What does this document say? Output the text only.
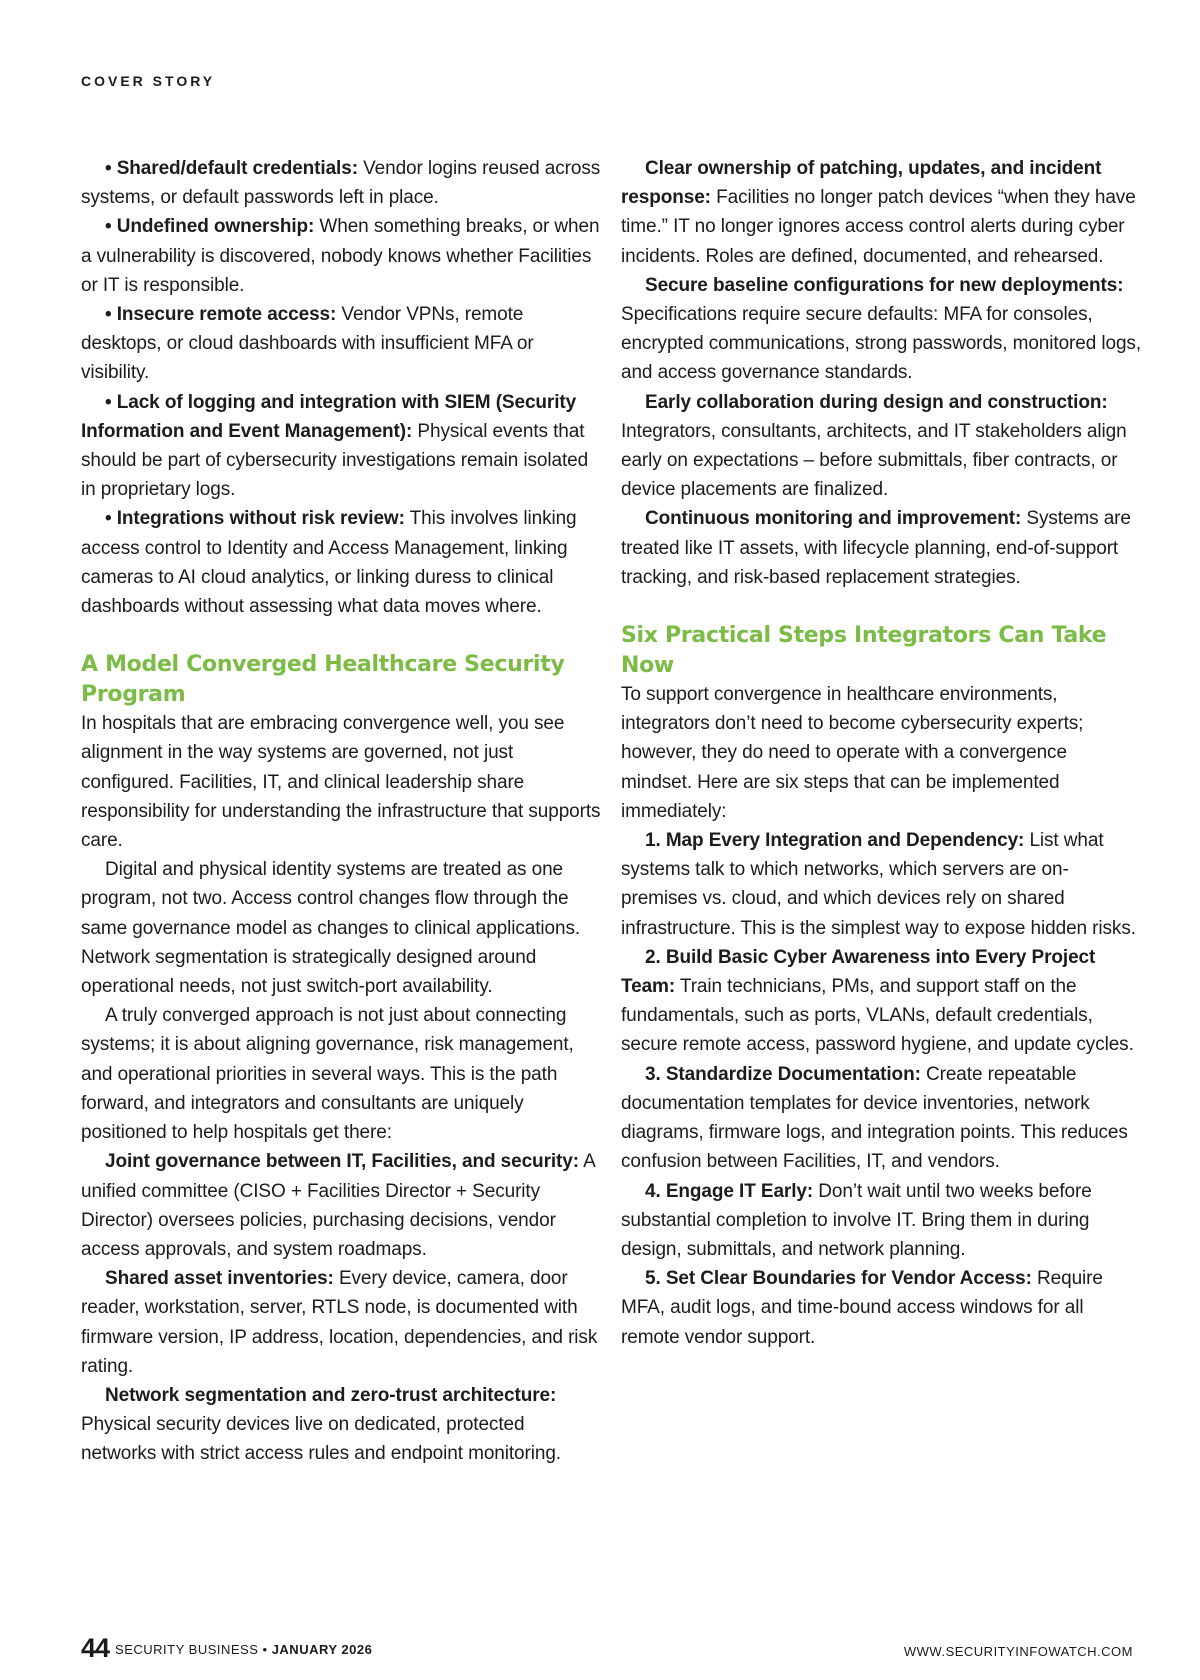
COVER STORY

• Shared/default credentials: Vendor logins reused across systems, or default passwords left in place.

• Undefined ownership: When something breaks, or when a vulnerability is discovered, nobody knows whether Facilities or IT is responsible.

• Insecure remote access: Vendor VPNs, remote desktops, or cloud dashboards with insufficient MFA or visibility.

• Lack of logging and integration with SIEM (Security Information and Event Management): Physical events that should be part of cybersecurity investigations remain isolated in proprietary logs.

• Integrations without risk review: This involves linking access control to Identity and Access Management, linking cameras to AI cloud analytics, or linking duress to clinical dashboards without assessing what data moves where.

A Model Converged Healthcare Security Program

In hospitals that are embracing convergence well, you see alignment in the way systems are governed, not just configured. Facilities, IT, and clinical leadership share responsibility for understanding the infrastructure that supports care.

Digital and physical identity systems are treated as one program, not two. Access control changes flow through the same governance model as changes to clinical applications. Network segmentation is strategically designed around operational needs, not just switch-port availability.

A truly converged approach is not just about connecting systems; it is about aligning governance, risk management, and operational priorities in several ways. This is the path forward, and integrators and consultants are uniquely positioned to help hospitals get there:

Joint governance between IT, Facilities, and security: A unified committee (CISO + Facilities Director + Security Director) oversees policies, purchasing decisions, vendor access approvals, and system roadmaps.

Shared asset inventories: Every device, camera, door reader, workstation, server, RTLS node, is documented with firmware version, IP address, location, dependencies, and risk rating.

Network segmentation and zero-trust architecture: Physical security devices live on dedicated, protected networks with strict access rules and endpoint monitoring.

Clear ownership of patching, updates, and incident response: Facilities no longer patch devices “when they have time.” IT no longer ignores access control alerts during cyber incidents. Roles are defined, documented, and rehearsed.

Secure baseline configurations for new deployments: Specifications require secure defaults: MFA for consoles, encrypted communications, strong passwords, monitored logs, and access governance standards.

Early collaboration during design and construction: Integrators, consultants, architects, and IT stakeholders align early on expectations – before submittals, fiber contracts, or device placements are finalized.

Continuous monitoring and improvement: Systems are treated like IT assets, with lifecycle planning, end-of-support tracking, and risk-based replacement strategies.

Six Practical Steps Integrators Can Take Now

To support convergence in healthcare environments, integrators don’t need to become cybersecurity experts; however, they do need to operate with a convergence mindset. Here are six steps that can be implemented immediately:

1. Map Every Integration and Dependency: List what systems talk to which networks, which servers are on-premises vs. cloud, and which devices rely on shared infrastructure. This is the simplest way to expose hidden risks.

2. Build Basic Cyber Awareness into Every Project Team: Train technicians, PMs, and support staff on the fundamentals, such as ports, VLANs, default credentials, secure remote access, password hygiene, and update cycles.

3. Standardize Documentation: Create repeatable documentation templates for device inventories, network diagrams, firmware logs, and integration points. This reduces confusion between Facilities, IT, and vendors.

4. Engage IT Early: Don’t wait until two weeks before substantial completion to involve IT. Bring them in during design, submittals, and network planning.

5. Set Clear Boundaries for Vendor Access: Require MFA, audit logs, and time-bound access windows for all remote vendor support.

44 SECURITY BUSINESS • JANUARY 2026	WWW.SECURITYINFOWATCH.COM
